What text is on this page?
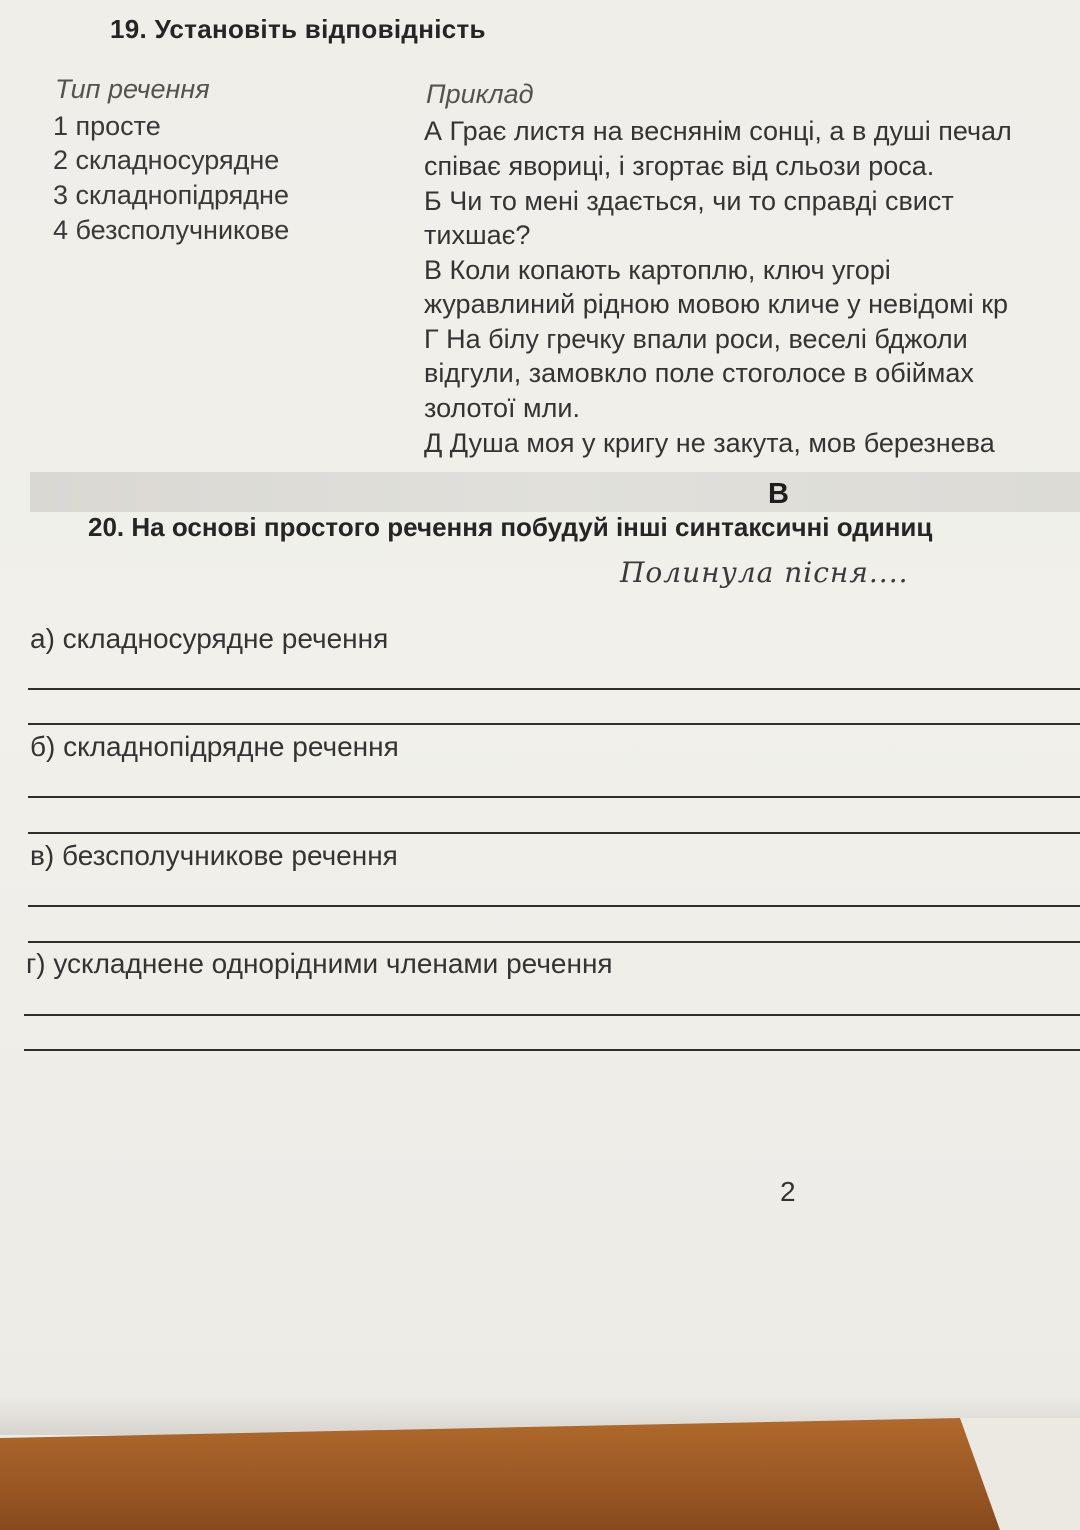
19. Установіть відповідність
Тип речення	Приклад
1 просте
2 складносурядне
3 складнопідрядне
4 безсполучникове
А Грає листя на веснянім сонці, а в душі печал
співає явориці, і згортає від сльози роса.
Б Чи то мені здається, чи то справді свист
тихшає?
В Коли копають картоплю, ключ угорі
журавлиний рідною мовою кличе у невідомі кр
Г На білу гречку впали роси, веселі бджоли
відгули, замовкло поле стоголосе в обіймах
золотої мли.
Д Душа моя у кригу не закута, мов березнева
В
20. На основі простого речення побудуй інші синтаксичні одиниц
Полинула пісня....
а) складносурядне речення
б) складнопідрядне речення
в) безсполучникове речення
г) ускладнене однорідними членами речення
2
